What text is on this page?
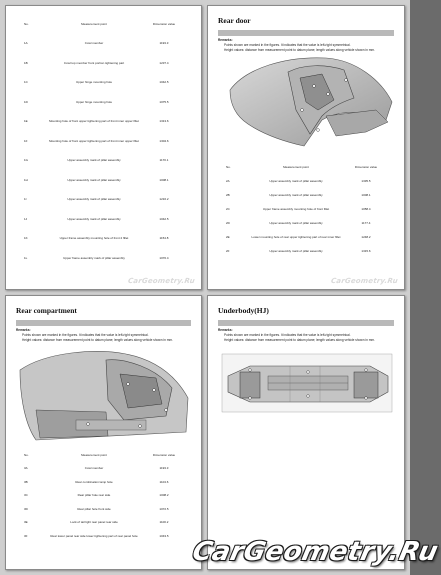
No.	Measurement point	Dimension value
1A	Cowl member	1193.3
1B	Cowl top member front portion tightening part	1237.4
1C	Upper hinge mounting hole	1042.5
1D	Upper hinge mounting hole	1075.5
1E	Mounting hole of front upper tightening part of front inner upper fillet	1313.6
1F	Mounting hole of front upper tightening part of front inner upper fillet	1304.6
1G	Upper assembly mark of pillar assembly	1170.1
1H	Upper assembly mark of pillar assembly	1008.1
1I	Upper assembly mark of pillar assembly	1216.2
1J	Upper assembly mark of pillar assembly	1042.5
1K	Upper frame assembly mounting hole of front 2 fillet	1154.8
1L	Upper frame assembly mark of pillar assembly	1070.4
CarGeometry.Ru
Rear door
Remarks:
Points shown are marked in the figures. It indicates that the value is left-right symmetrical.
Height values: distance from measurement point to datum plane; length values along vehicle shown in mm.
No.	Measurement point	Dimension value
2A	Upper assembly mark of pillar assembly	1335.5
2B	Upper assembly mark of pillar assembly	1008.1
2C	Upper frame assembly mounting hole of front fillet	1058.4
2D	Upper assembly mark of pillar assembly	1177.4
2E	Lower mounting hole of rear upper tightening part of rear inner fillet	1248.2
2F	Upper assembly mark of pillar assembly	1315.6
CarGeometry.Ru
Rear compartment
Remarks:
Points shown are marked in the figures. It indicates that the value is left-right symmetrical.
Height values: distance from measurement point to datum plane; length values along vehicle shown in mm.
No.	Measurement point	Dimension value
3A	Cowl member	1193.3
3B	Rear combination lamp hole	1104.6
3C	Rear pillar hole rear side	1008.2
3D	Rear pillar hole front side	1072.5
3E	Lock of tail light rear panel rear side	1100.2
3F	Rear lower panel rear side lower tightening part of rear panel hole	1043.5
Underbody(HJ)
Remarks:
Points shown are marked in the figures. It indicates that the value is left-right symmetrical.
Height values: distance from measurement point to datum plane; length values along vehicle shown in mm.
CarGeometry.Ru
